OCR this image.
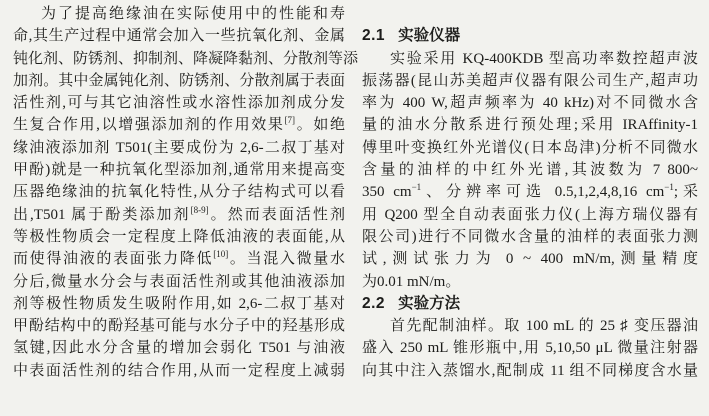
为了提高绝缘油在实际使用中的性能和寿
命,其生产过程中通常会加入一些抗氧化剂、金属
钝化剂、防锈剂、抑制剂、降凝降黏剂、分散剂等添
加剂。其中金属钝化剂、防锈剂、分散剂属于表面
活性剂,可与其它油溶性或水溶性添加剂成分发
生复合作用,以增强添加剂的作用效果[7]。如绝
缘油液添加剂 T501(主要成份为 2,6-二叔丁基对
甲酚)就是一种抗氧化型添加剂,通常用来提高变
压器绝缘油的抗氧化特性,从分子结构式可以看
出,T501 属于酚类添加剂[8-9]。然而表面活性剂
等极性物质会一定程度上降低油液的表面能,从
而使得油液的表面张力降低[10]。当混入微量水
分后,微量水分会与表面活性剂或其他油液添加
剂等极性物质发生吸附作用,如 2,6-二叔丁基对
甲酚结构中的酚羟基可能与水分子中的羟基形成
氢键,因此水分含量的增加会弱化 T501 与油液
中表面活性剂的结合作用,从而一定程度上减弱
2.1 实验仪器
实验采用 KQ-400KDB 型高功率数控超声波
振荡器(昆山苏美超声仪器有限公司生产,超声功
率为 400 W,超声频率为 40 kHz)对不同微水含
量的油水分散系进行预处理;采用 IRAffinity-1
傅里叶变换红外光谱仪(日本岛津)分析不同微水
含量的油样的中红外光谱,其波数为 7 800~
350 $cm^{-1}$、分辨率可选 0.5,1,2,4,8,16 $cm^{-1}$;采
用 Q200 型全自动表面张力仪(上海方瑞仪器有
限公司)进行不同微水含量的油样的表面张力测
试,测试张力为 0 ~ 400 mN/m,测量精度
为0.01 mN/m。
2.2 实验方法
首先配制油样。取 100 mL 的 25 ♯ 变压器油
盛入 250 mL 锥形瓶中,用 5,10,50 μL 微量注射器
向其中注入蒸馏水,配制成 11 组不同梯度含水量
